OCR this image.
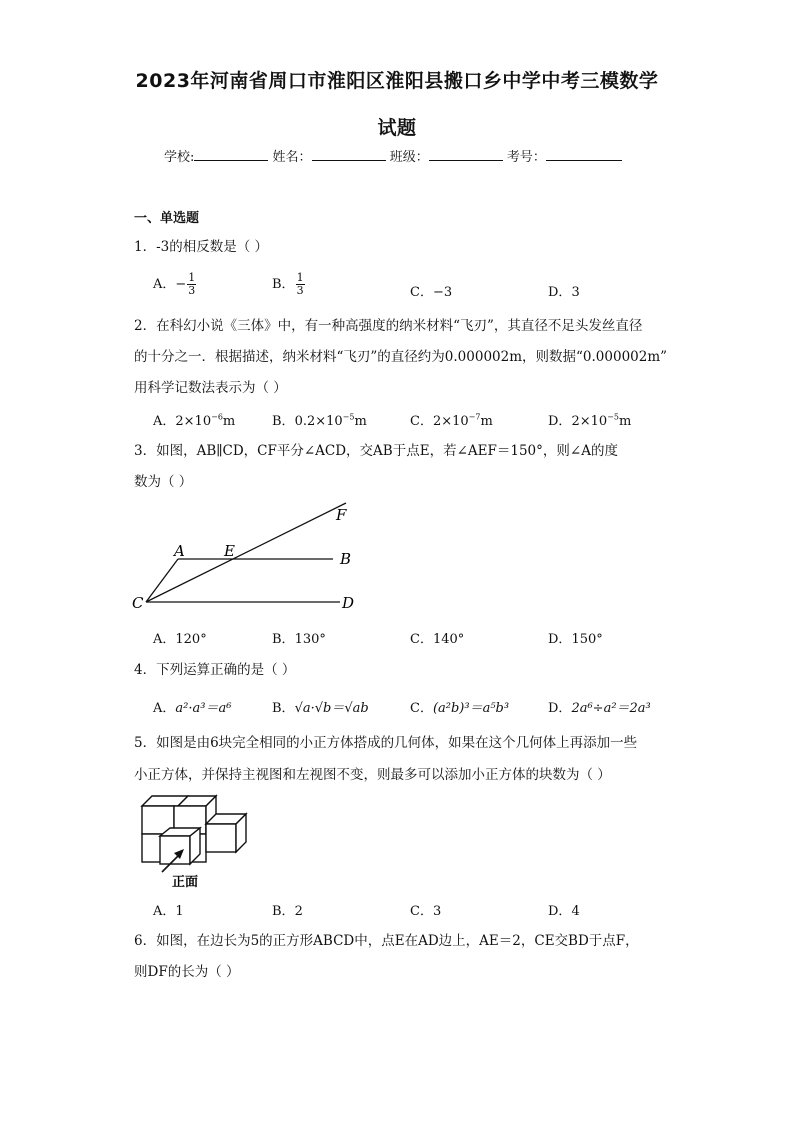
2023年河南省周口市淮阳区淮阳县搬口乡中学中考三模数学
试题
学校:	姓名：	班级：	考号：
一、单选题
1．-3的相反数是（ ）
A．− $\frac{1}{3}$	B． $\frac{1}{3}$	C．−3	D．3
2．在科幻小说《三体》中，有一种高强度的纳米材料“飞刃”，其直径不足头发丝直径
的十分之一．根据描述，纳米材料“飞刃”的直径约为0.000002m，则数据“0.000002m”
用科学记数法表示为（ ）
A．$2\times 10^{-6}m$	B．$0.2\times 10^{-5}m$	C．$2\times 10^{-7}m$	D．$2\times 10^{-5}m$
3．如图，AB∥CD，CF平分∠ACD，交AB于点E，若∠AEF＝150°，则∠A的度
数为（ ）
A	E	B
C	D
F
A．120°	B．130°	C．140°	D．150°
4．下列运算正确的是（ ）
A．a²·a³＝a⁶	B．√a·√b＝√ab	C．(a²b)³＝a⁵b³	D．2a⁶÷a²＝2a³
5．如图是由6块完全相同的小正方体搭成的几何体，如果在这个几何体上再添加一些
小正方体，并保持主视图和左视图不变，则最多可以添加小正方体的块数为（ ）
正面
A．1	B．2	C．3	D．4
6．如图，在边长为5的正方形ABCD中，点E在AD边上，AE＝2，CE交BD于点F，
则DF的长为（ ）
